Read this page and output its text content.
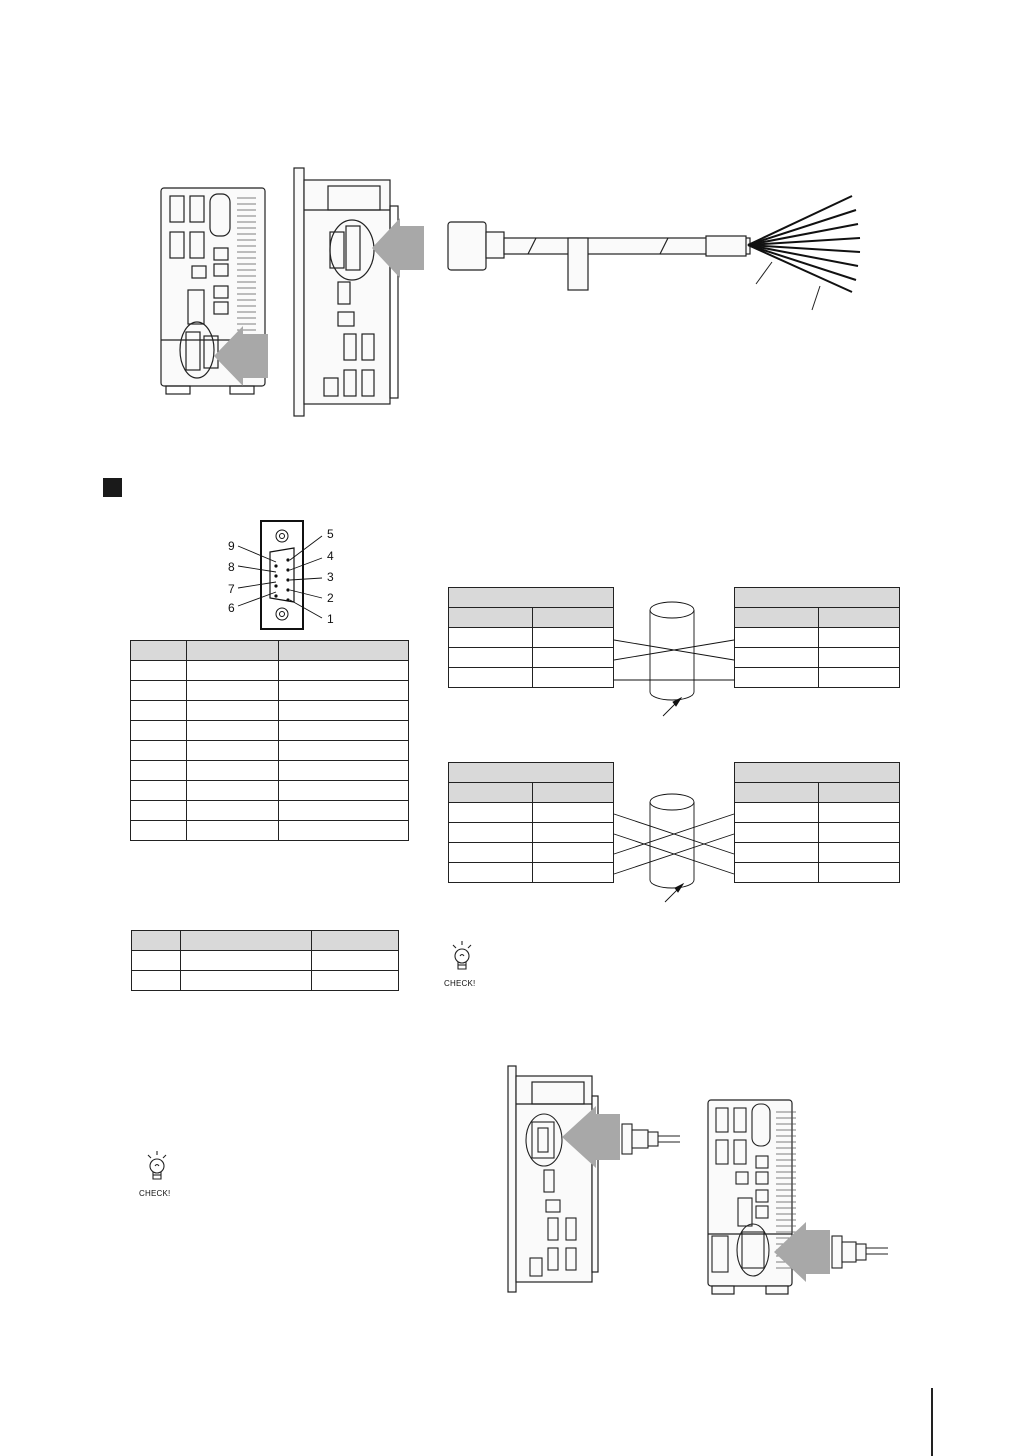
9
8
7
6
5
4
3
2
1

CHECK!
CHECK!
